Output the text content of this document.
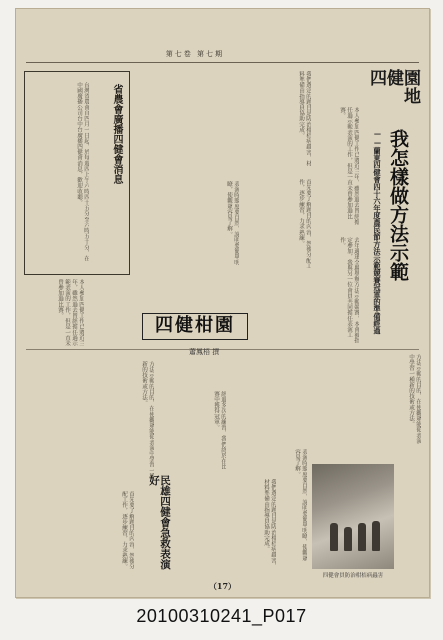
第七卷 第七期
四健園地
我怎樣做方法示範
——蘭東四健會四十六年度農民節方法示範競賽冠軍的準備經過
本人參加四健工作已將近三年，雖然過去曾經擔任過示範表演的工作，但是一直未曾參加過比賽。
去年適逢全縣舉辦方法示範競賽，本會被指定參加，我與另一位會員共同擔任表演工作。
方法示範的目的，在使觀眾能從表演中學習一種新的技術或方法。
我們選定的題目是防治柑桔病蟲害，材料準備由指導員協助完成。
首先要了解題目的內容，然後分配工作，逐步練習，力求熟練。
表演時態度要自然，說明要簡單明瞭，使觀眾容易了解。
經過多次的練習，我們終於在比賽中獲得冠軍。
省農會廣播四健會消息
台灣省農會自四月一日起，於每週四上午六時四十五分至六時五十分，在中國廣播公司台中台廣播四健會消息，歡迎收聽。
本人參加四健工作已將近三年，雖然過去曾經擔任過示範表演的工作，但是一直未曾參加過比賽。
四健柑園
蕭鳳梧 撰
方法示範的目的，在使觀眾能從表演中學習一種新的技術或方法。
我們選定的題目是防治柑桔病蟲害，材料準備由指導員協助完成。
首先要了解題目的內容，然後分配工作，逐步練習，力求熟練。	民雄四健會急救表演好	表演時態度要自然，說明要簡單明瞭，使觀眾容易了解。
四健會員防治柑桔病蟲害
（17）
20100310241_P017
